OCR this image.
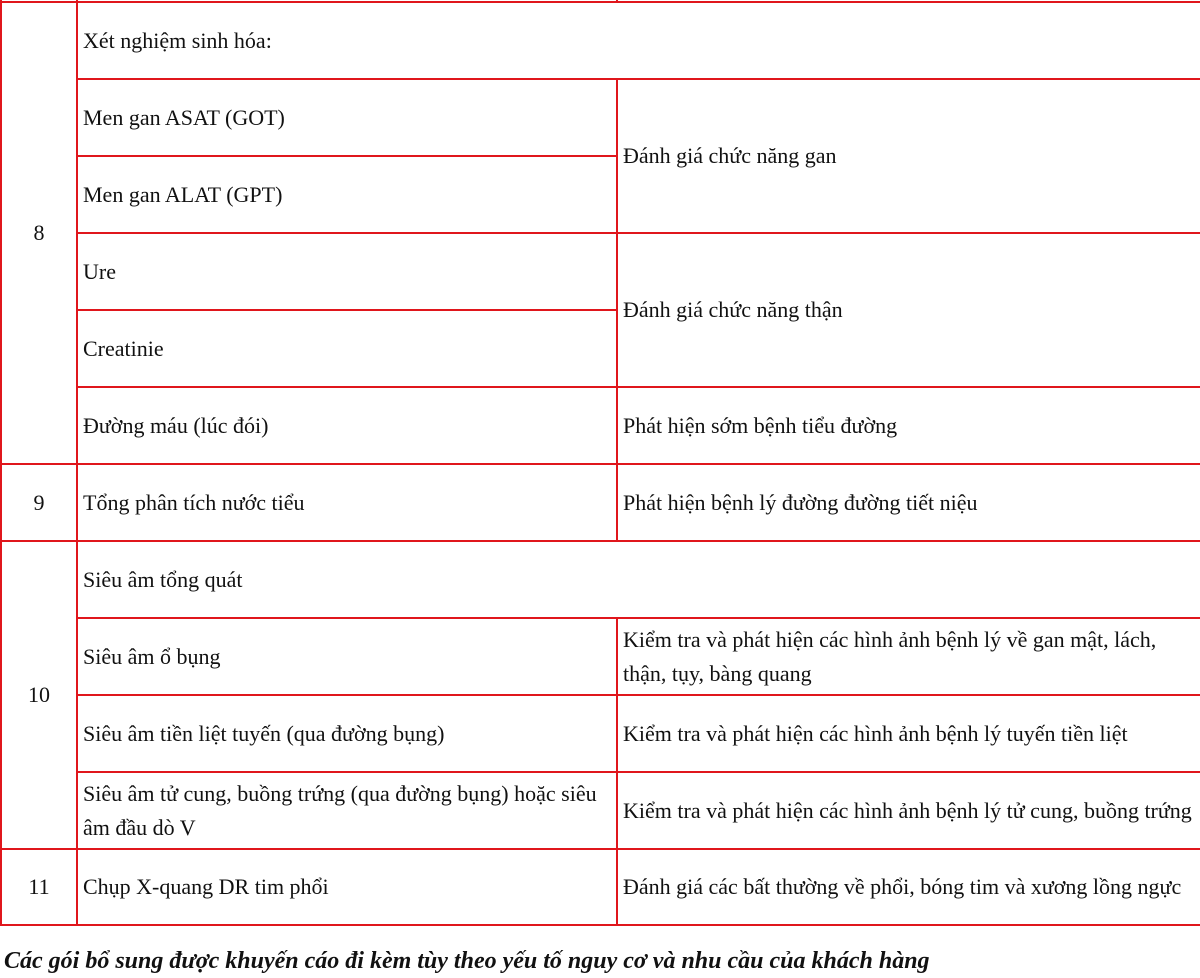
8	Xét nghiệm sinh hóa:	
	Men gan ASAT (GOT)	Đánh giá chức năng gan
	Men gan ALAT (GPT)	
	Ure	Đánh giá chức năng thận
	Creatinie	
	Đường máu (lúc đói)	Phát hiện sớm bệnh tiểu đường
9	Tổng phân tích nước tiểu	Phát hiện bệnh lý đường đường tiết niệu
10	Siêu âm tổng quát	
	Siêu âm ổ bụng	Kiểm tra và phát hiện các hình ảnh bệnh lý về gan mật, lách, thận, tụy, bàng quang
	Siêu âm tiền liệt tuyến (qua đường bụng)	Kiểm tra và phát hiện các hình ảnh bệnh lý tuyến tiền liệt
	Siêu âm tử cung, buồng trứng (qua đường bụng) hoặc siêu âm đầu dò V	Kiểm tra và phát hiện các hình ảnh bệnh lý tử cung, buồng trứng
11	Chụp X-quang DR tim phổi	Đánh giá các bất thường về phổi, bóng tim và xương lồng ngực

Các gói bổ sung được khuyến cáo đi kèm tùy theo yếu tố nguy cơ và nhu cầu của khách hàng
